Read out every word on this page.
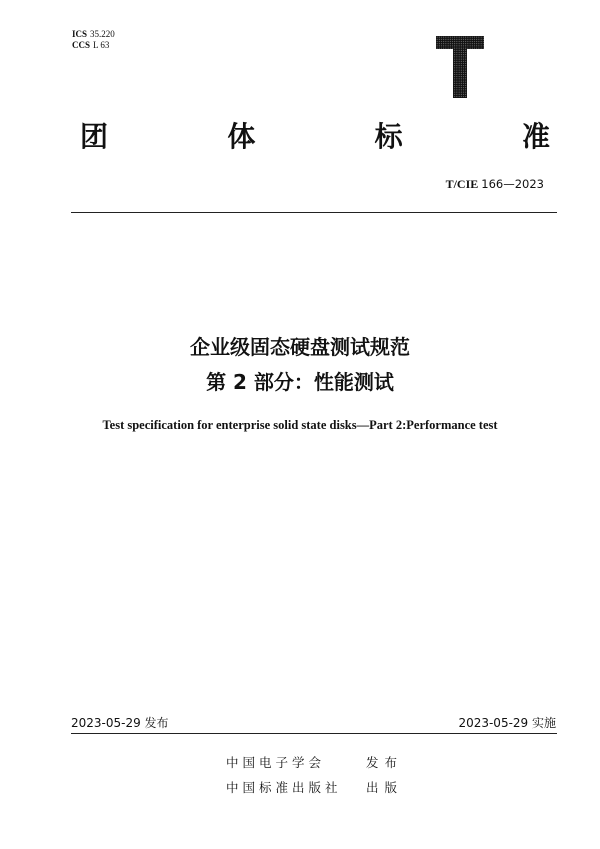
ICS 35.220
CCS L 63
团	体	标	准
T/CIE 166—2023
企业级固态硬盘测试规范
第 2 部分：性能测试
Test specification for enterprise solid state disks—Part 2:Performance test
2023-05-29 发布	2023-05-29 实施
中国电子学会	发布
中国标准出版社	出版
